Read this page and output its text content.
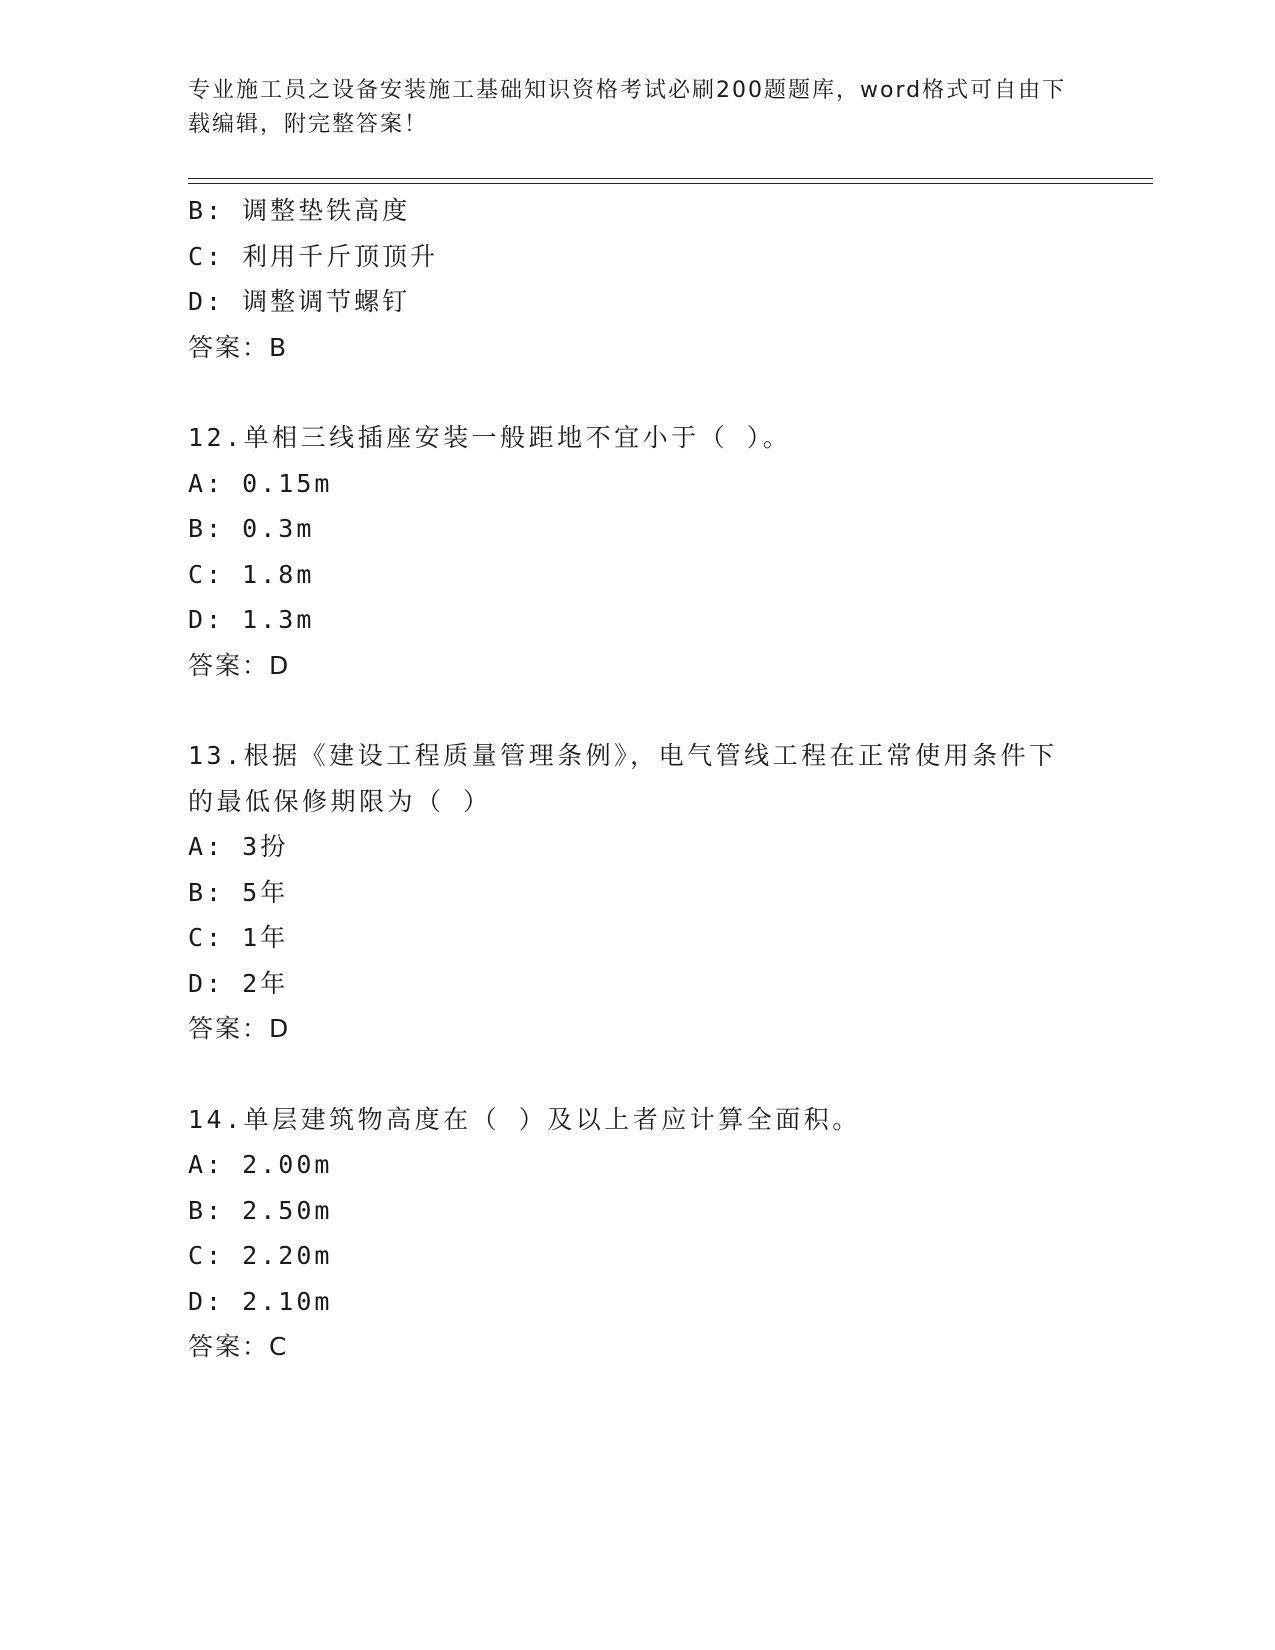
专业施工员之设备安装施工基础知识资格考试必刷200题题库，word格式可自由下载编辑，附完整答案！
B: 调整垫铁高度
C: 利用千斤顶顶升
D: 调整调节螺钉
答案：B
12.单相三线插座安装一般距地不宜小于（ ）。
A: 0.15m
B: 0.3m
C: 1.8m
D: 1.3m
答案：D
13.根据《建设工程质量管理条例》，电气管线工程在正常使用条件下的最低保修期限为（ ）
A: 3扮
B: 5年
C: 1年
D: 2年
答案：D
14.单层建筑物高度在（ ）及以上者应计算全面积。
A: 2.00m
B: 2.50m
C: 2.20m
D: 2.10m
答案：C
